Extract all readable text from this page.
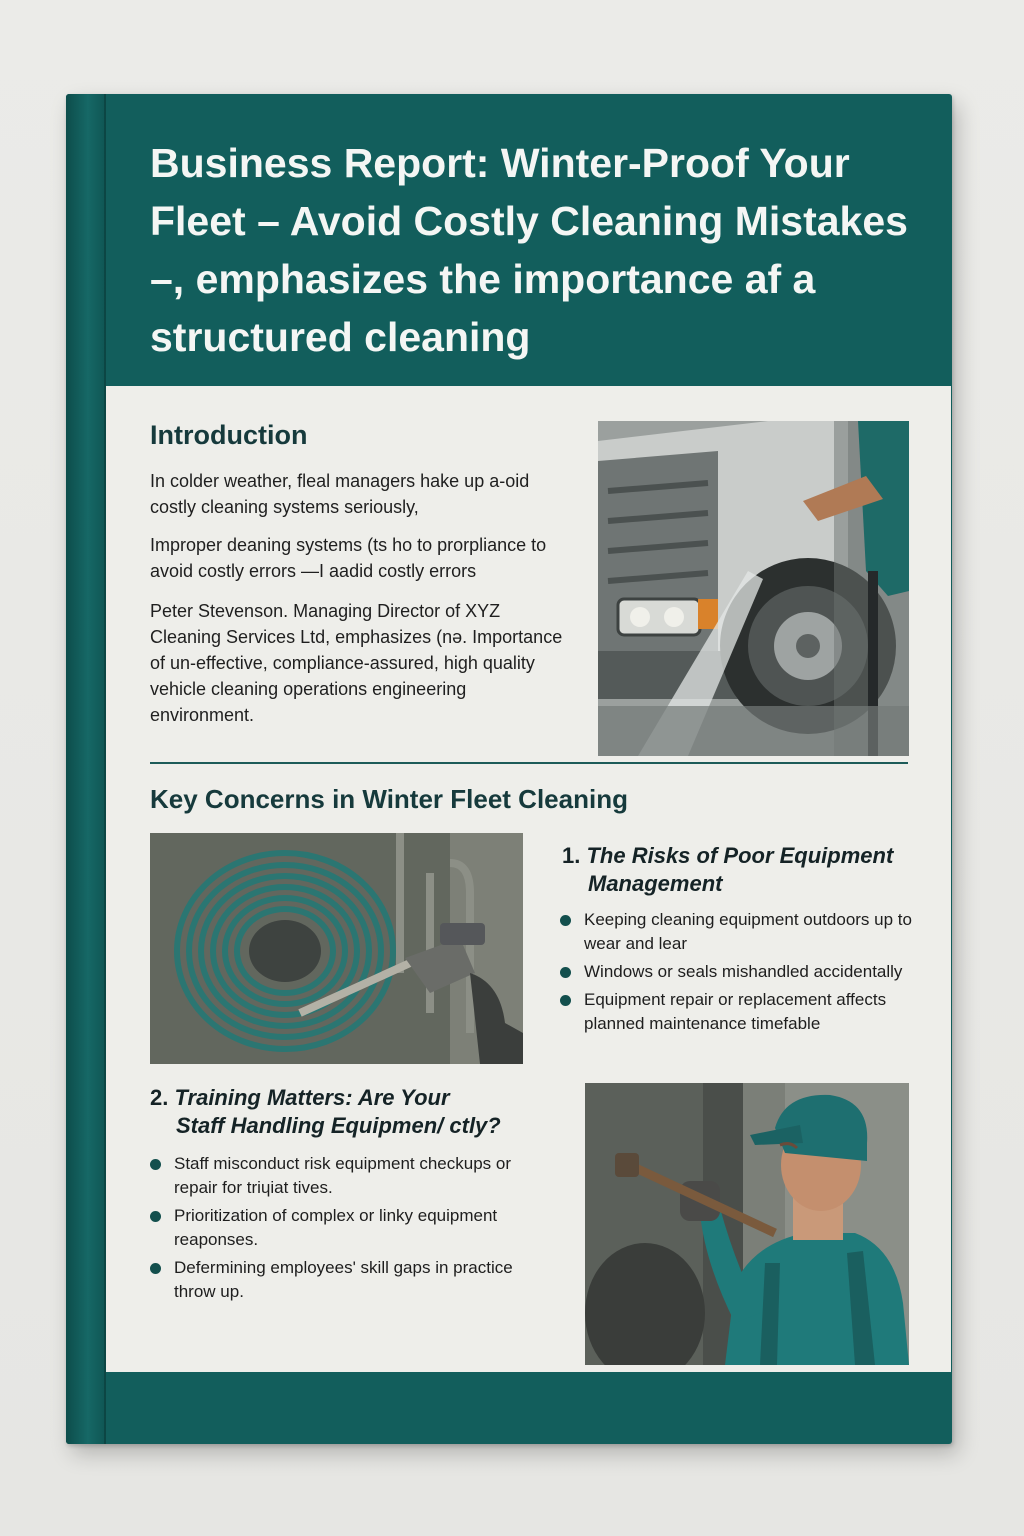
Business Report: Winter-Proof Your Fleet – Avoid Costly Cleaning Mistakes –, emphasizes the importance af a structured cleaning
Introduction

In colder weather, fleal managers hake up a-oid costly cleaning systems seriously,

Improper deaning systems (ts ho to prorpliance to avoid costly errors —I aadid costly errors

Peter Stevenson. Managing Director of XYZ Cleaning Services Ltd, emphasizes (nə. Importance of un-effective, compliance-assured, high quality vehicle cleaning operations engineering environment.

Key Concerns in Winter Fleet Cleaning
1. The Risks of Poor Equipment
Management
Keeping cleaning equipment outdoors up to wear and lear
Windows or seals mishandled accidentally
Equipment repair or replacement affects planned maintenance timefable
2. Training Matters: Are Your
Staff Handling Equipmen/ ctly?
Staff misconduct risk equipment checkups or repair for triɥiat tives.
Prioritization of complex or linky equipment reaponses.
Defermining employees' skill gaps in practice throw up.
